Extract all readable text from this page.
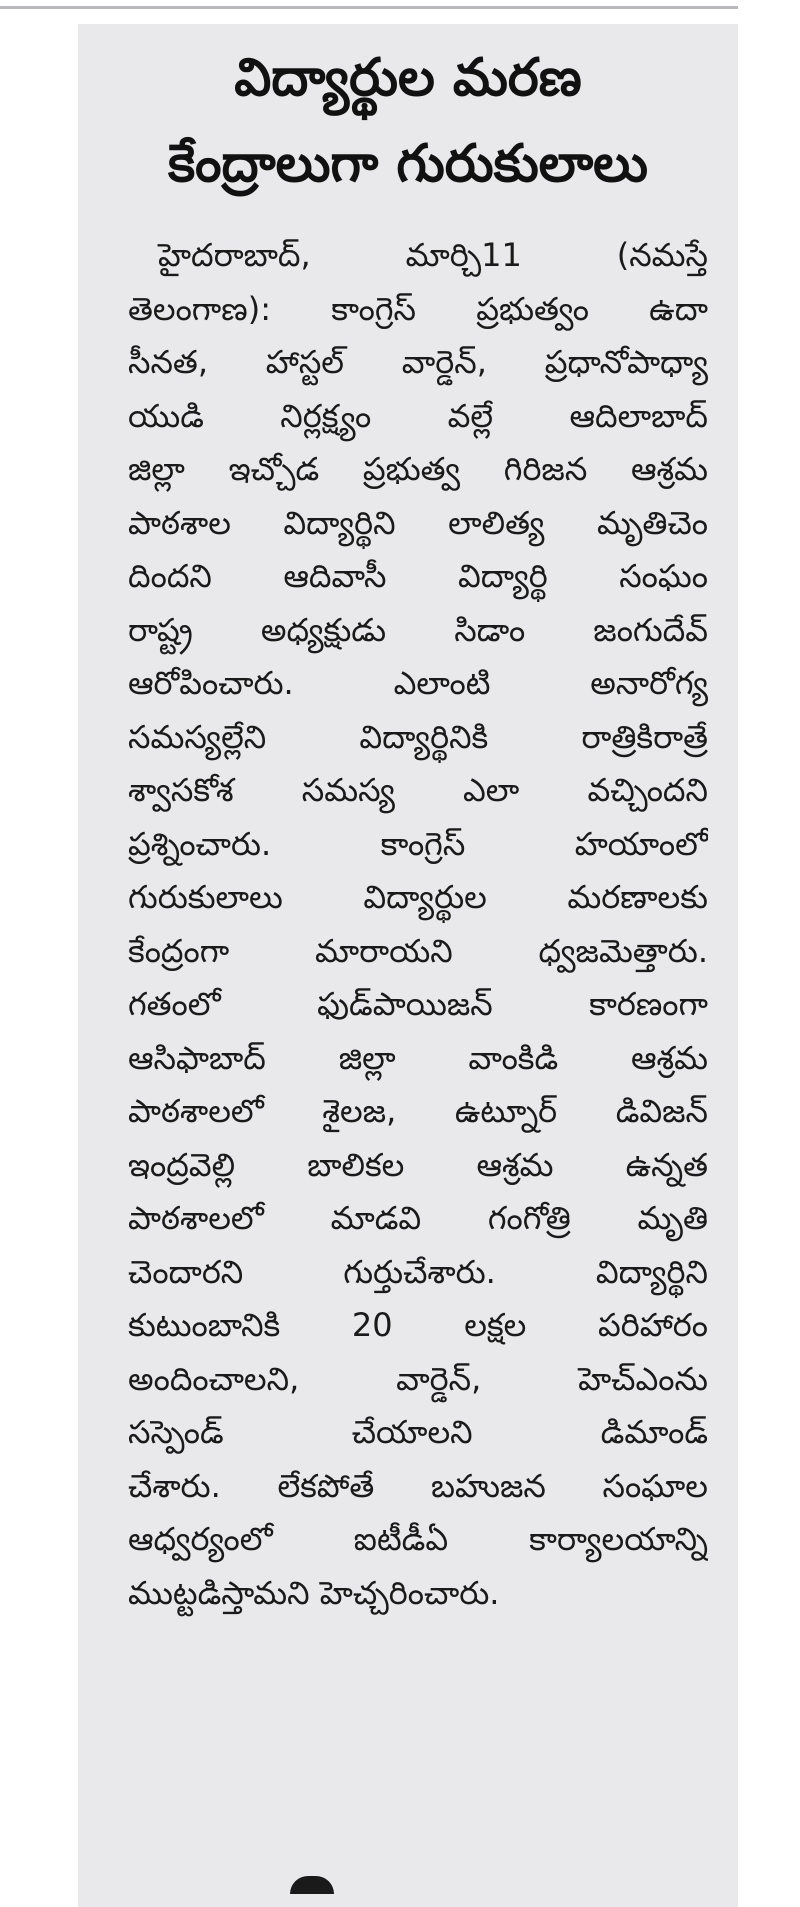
విద్యార్థుల మరణ
కేంద్రాలుగా గురుకులాలు
హైదరాబాద్, మార్చి11 (నమస్తే
తెలంగాణ): కాంగ్రెస్ ప్రభుత్వం ఉదా
సీనత, హాస్టల్ వార్డెన్, ప్రధానోపాధ్యా
యుడి నిర్లక్ష్యం వల్లే ఆదిలాబాద్
జిల్లా ఇచ్చోడ ప్రభుత్వ గిరిజన ఆశ్రమ
పాఠశాల విద్యార్థిని లాలిత్య మృతిచెం
దిందని ఆదివాసీ విద్యార్థి సంఘం
రాష్ట్ర అధ్యక్షుడు సిడాం జంగుదేవ్
ఆరోపించారు. ఎలాంటి అనారోగ్య
సమస్యల్లేని విద్యార్థినికి రాత్రికిరాత్రే
శ్వాసకోశ సమస్య ఎలా వచ్చిందని
ప్రశ్నించారు. కాంగ్రెస్ హయాంలో
గురుకులాలు విద్యార్థుల మరణాలకు
కేంద్రంగా మారాయని ధ్వజమెత్తారు.
గతంలో ఫుడ్‌పాయిజన్ కారణంగా
ఆసిఫాబాద్ జిల్లా వాంకిడి ఆశ్రమ
పాఠశాలలో శైలజ, ఉట్నూర్ డివిజన్
ఇంద్రవెల్లి బాలికల ఆశ్రమ ఉన్నత
పాఠశాలలో మాడవి గంగోత్రి మృతి
చెందారని గుర్తుచేశారు. విద్యార్థిని
కుటుంబానికి 20 లక్షల పరిహారం
అందించాలని, వార్డెన్, హెచ్‌ఎంను
సస్పెండ్ చేయాలని డిమాండ్
చేశారు. లేకపోతే బహుజన సంఘాల
ఆధ్వర్యంలో ఐటీడీఏ కార్యాలయాన్ని
ముట్టడిస్తామని హెచ్చరించారు.
